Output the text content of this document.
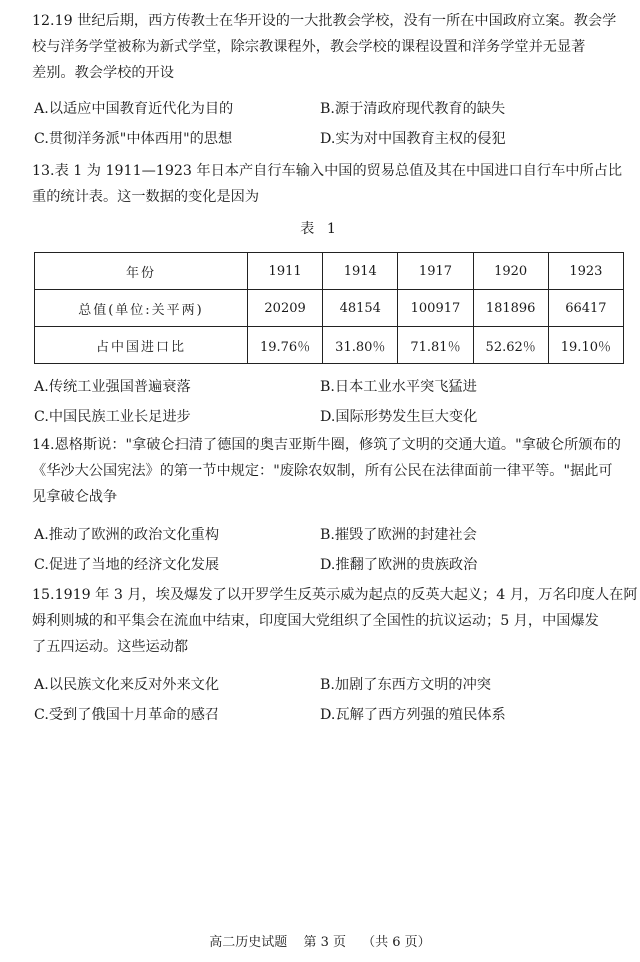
12.19 世纪后期，西方传教士在华开设的一大批教会学校，没有一所在中国政府立案。教会学
校与洋务学堂被称为新式学堂，除宗教课程外，教会学校的课程设置和洋务学堂并无显著
差别。教会学校的开设
A.以适应中国教育近代化为目的	B.源于清政府现代教育的缺失
C.贯彻洋务派"中体西用"的思想	D.实为对中国教育主权的侵犯
13.表 1 为 1911—1923 年日本产自行车输入中国的贸易总值及其在中国进口自行车中所占比
重的统计表。这一数据的变化是因为
表 1
年份	1911	1914	1917	1920	1923
总值(单位:关平两)	20209	48154	100917	181896	66417
占中国进口比	19.76％	31.80％	71.81％	52.62％	19.10％
A.传统工业强国普遍衰落	B.日本工业水平突飞猛进
C.中国民族工业长足进步	D.国际形势发生巨大变化
14.恩格斯说："拿破仑扫清了德国的奥吉亚斯牛圈，修筑了文明的交通大道。"拿破仑所颁布的
《华沙大公国宪法》的第一节中规定："废除农奴制，所有公民在法律面前一律平等。"据此可
见拿破仑战争
A.推动了欧洲的政治文化重构	B.摧毁了欧洲的封建社会
C.促进了当地的经济文化发展	D.推翻了欧洲的贵族政治
15.1919 年 3 月，埃及爆发了以开罗学生反英示威为起点的反英大起义；4 月，万名印度人在阿
姆利则城的和平集会在流血中结束，印度国大党组织了全国性的抗议运动；5 月，中国爆发
了五四运动。这些运动都
A.以民族文化来反对外来文化	B.加剧了东西方文明的冲突
C.受到了俄国十月革命的感召	D.瓦解了西方列强的殖民体系
高二历史试题 第 3 页 （共 6 页）
